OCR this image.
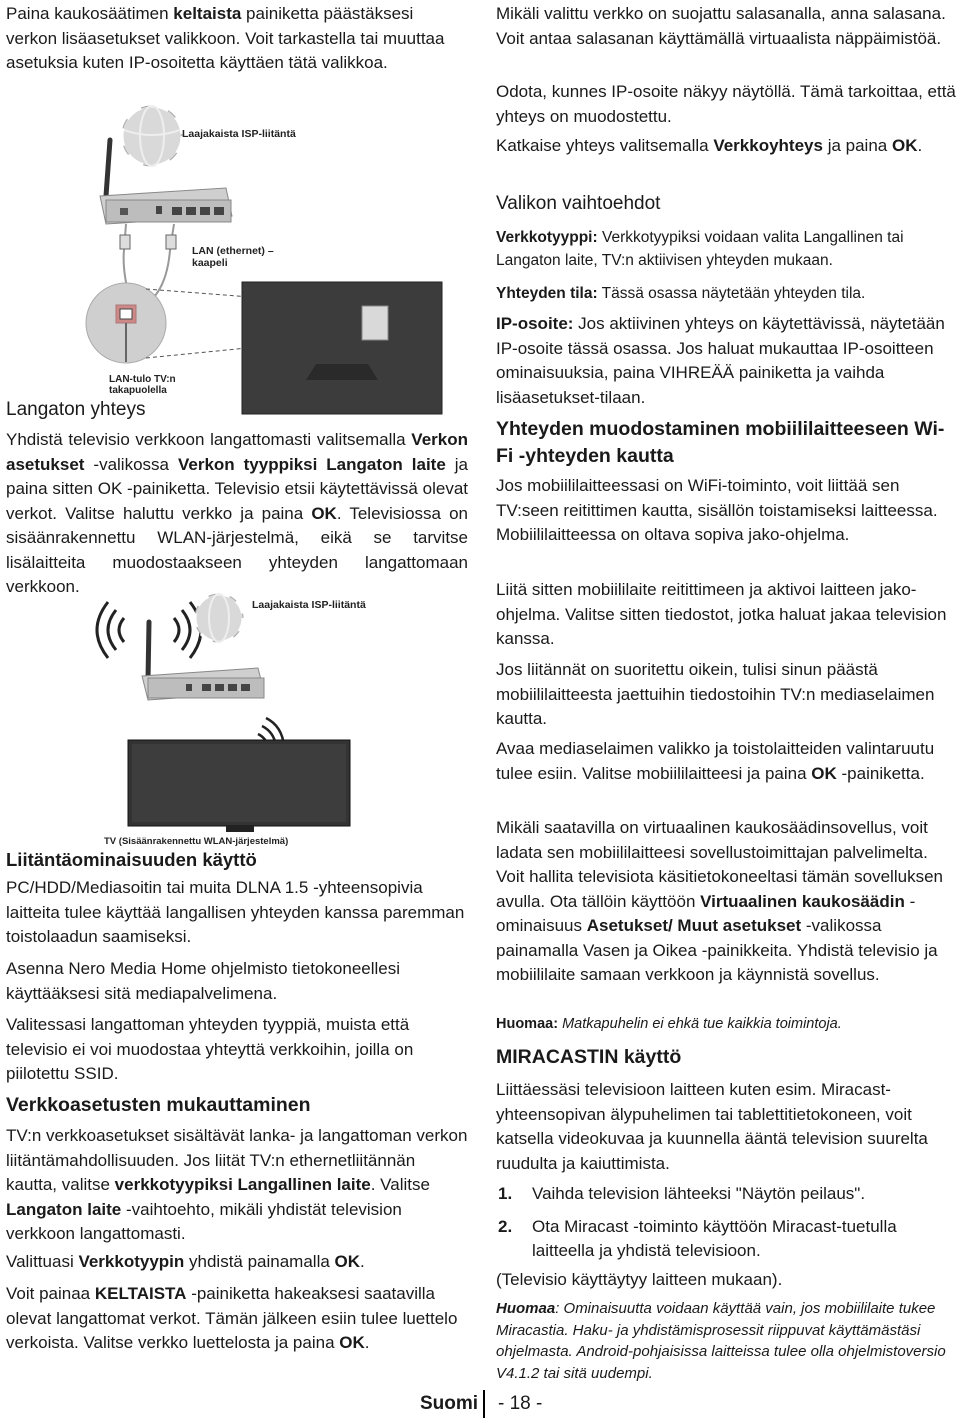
Paina kaukosäätimen keltaista painiketta päästäksesi verkon lisäasetukset valikkoon. Voit tarkastella tai muuttaa asetuksia kuten IP-osoitetta käyttäen tätä valikkoa.

Laajakaista ISP-liitäntä
LAN (ethernet) –
kaapeli
LAN-tulo TV:n
takapuolella
Langaton yhteys

Yhdistä televisio verkkoon langattomasti valitsemalla Verkon asetukset -valikossa Verkon tyyppiksi Langaton laite ja paina sitten OK -painiketta. Televisio etsii käytettävissä olevat verkot. Valitse haluttu verkko ja paina OK. Televisiossa on sisäänrakennettu WLAN-järjestelmä, eikä se tarvitse lisälaitteita muodostaakseen yhteyden langattomaan verkkoon.

Laajakaista ISP-liitäntä
TV (Sisäänrakennettu WLAN-järjestelmä)
Liitäntäominaisuuden käyttö

PC/HDD/Mediasoitin tai muita DLNA 1.5 -yhteensopivia laitteita tulee käyttää langallisen yhteyden kanssa paremman toistolaadun saamiseksi.

Asenna Nero Media Home ohjelmisto tietokoneellesi käyttääksesi sitä mediapalvelimena.

Valitessasi langattoman yhteyden tyyppiä, muista että televisio ei voi muodostaa yhteyttä verkkoihin, joilla on piilotettu SSID.

Verkkoasetusten mukauttaminen

TV:n verkkoasetukset sisältävät lanka- ja langattoman verkon liitäntämahdollisuuden. Jos liität TV:n ethernetliitännän kautta, valitse verkkotyypiksi Langallinen laite. Valitse Langaton laite -vaihtoehto, mikäli yhdistät television verkkoon langattomasti.

Valittuasi Verkkotyypin yhdistä painamalla OK.

Voit painaa KELTAISTA -painiketta hakeaksesi saatavilla olevat langattomat verkot. Tämän jälkeen esiin tulee luettelo verkoista. Valitse verkko luettelosta ja paina OK.

Mikäli valittu verkko on suojattu salasanalla, anna salasana. Voit antaa salasanan käyttämällä virtuaalista näppäimistöä.

Odota, kunnes IP-osoite näkyy näytöllä. Tämä tarkoittaa, että yhteys on muodostettu.

Katkaise yhteys valitsemalla Verkkoyhteys ja paina OK.

Valikon vaihtoehdot

Verkkotyyppi: Verkkotyypiksi voidaan valita Langallinen tai Langaton laite, TV:n aktiivisen yhteyden mukaan.

Yhteyden tila: Tässä osassa näytetään yhteyden tila.

IP-osoite: Jos aktiivinen yhteys on käytettävissä, näytetään IP-osoite tässä osassa. Jos haluat mukauttaa IP-osoitteen ominaisuuksia, paina VIHREÄÄ painiketta ja vaihda lisäasetukset-tilaan.

Yhteyden muodostaminen mobiililaitteeseen Wi-Fi -yhteyden kautta

Jos mobiililaitteessasi on WiFi-toiminto, voit liittää sen TV:seen reitittimen kautta, sisällön toistamiseksi laitteessa. Mobiililaitteessa on oltava sopiva jako-ohjelma.

Liitä sitten mobiililaite reitittimeen ja aktivoi laitteen jako-ohjelma. Valitse sitten tiedostot, jotka haluat jakaa television kanssa.

Jos liitännät on suoritettu oikein, tulisi sinun päästä mobiililaitteesta jaettuihin tiedostoihin TV:n mediaselaimen kautta.

Avaa mediaselaimen valikko ja toistolaitteiden valintaruutu tulee esiin. Valitse mobiililaitteesi ja paina OK -painiketta.

Mikäli saatavilla on virtuaalinen kaukosäädinsovellus, voit ladata sen mobiililaitteesi sovellustoimittajan palvelimelta. Voit hallita televisiota käsitietokoneeltasi tämän sovelluksen avulla. Ota tällöin käyttöön Virtuaalinen kaukosäädin -ominaisuus Asetukset/ Muut asetukset -valikossa painamalla Vasen ja Oikea -painikkeita. Yhdistä televisio ja mobiililaite samaan verkkoon ja käynnistä sovellus.

Huomaa: Matkapuhelin ei ehkä tue kaikkia toimintoja.
MIRACASTIN käyttö

Liittäessäsi televisioon laitteen kuten esim. Miracast-yhteensopivan älypuhelimen tai tablettitietokoneen, voit katsella videokuvaa ja kuunnella ääntä television suurelta ruudulta ja kaiuttimista.

1. Vaihda television lähteeksi "Näytön peilaus".
2. Ota Miracast -toiminto käyttöön Miracast-tuetulla laitteella ja yhdistä televisioon.

(Televisio käyttäytyy laitteen mukaan).

Huomaa: Ominaisuutta voidaan käyttää vain, jos mobiililaite tukee Miracastia. Haku- ja yhdistämisprosessit riippuvat käyttämästäsi ohjelmasta. Android-pohjaisissa laitteissa tulee olla ohjelmistoversio V4.1.2 tai sitä uudempi.
Suomi - 18 -
